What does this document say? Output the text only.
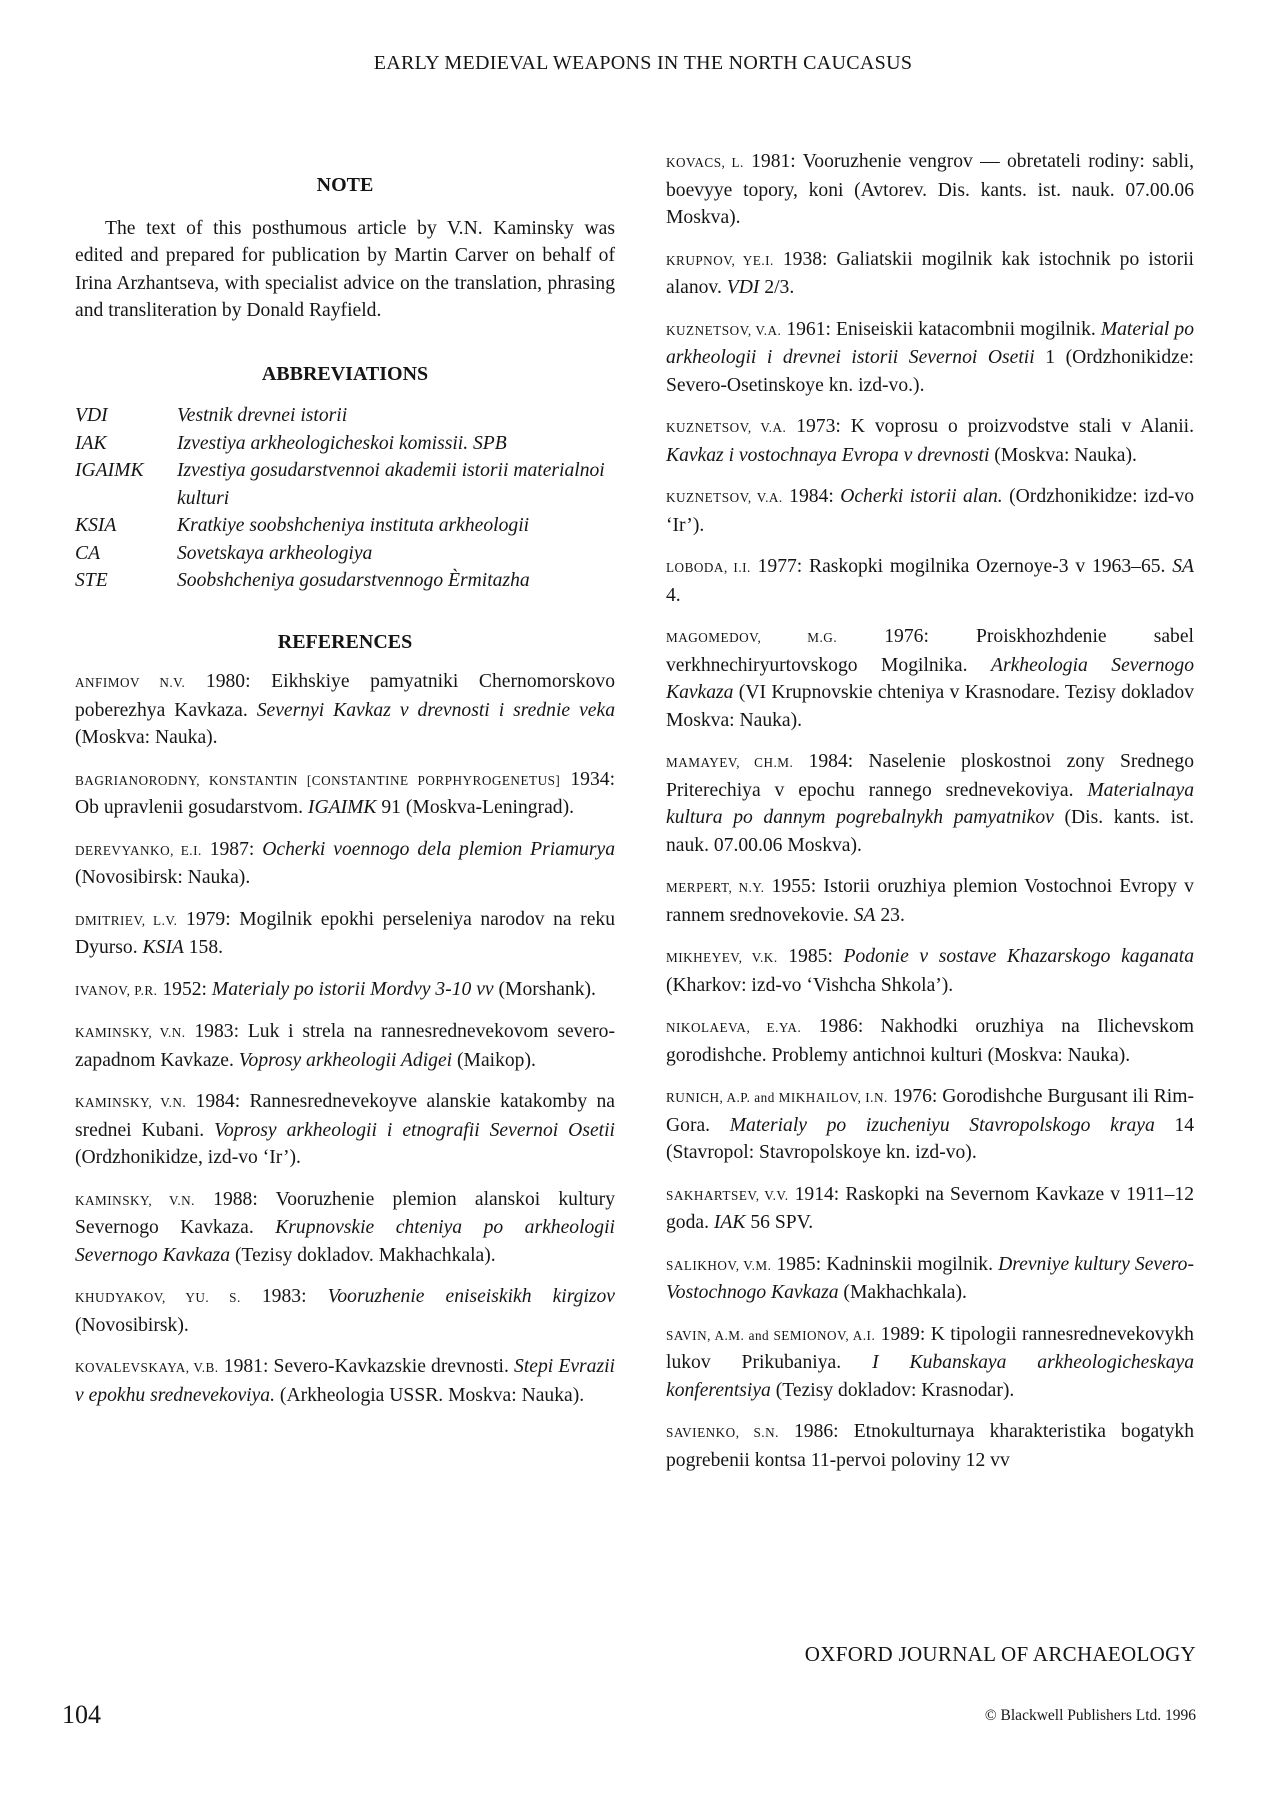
EARLY MEDIEVAL WEAPONS IN THE NORTH CAUCASUS
NOTE

The text of this posthumous article by V.N. Kaminsky was edited and prepared for publication by Martin Carver on behalf of Irina Arzhantseva, with specialist advice on the translation, phrasing and transliteration by Donald Rayfield.

ABBREVIATIONS
VDI	Vestnik drevnei istorii
IAK	Izvestiya arkheologicheskoi komissii. SPB
IGAIMK	Izvestiya gosudarstvennoi akademii istorii materialnoi kulturi
KSIA	Kratkiye soobshcheniya instituta arkheologii
CA	Sovetskaya arkheologiya
STE	Soobshcheniya gosudarstvennogo Èrmitazha
REFERENCES

ANFIMOV N.V. 1980: Eikhskiye pamyatniki Chernomorskovo poberezhya Kavkaza. Severnyi Kavkaz v drevnosti i srednie veka (Moskva: Nauka).

BAGRIANORODNY, KONSTANTIN [CONSTANTINE PORPHYROGENETUS] 1934: Ob upravlenii gosudarstvom. IGAIMK 91 (Moskva-Leningrad).

DEREVYANKO, E.I. 1987: Ocherki voennogo dela plemion Priamurya (Novosibirsk: Nauka).

DMITRIEV, L.V. 1979: Mogilnik epokhi perseleniya narodov na reku Dyurso. KSIA 158.

IVANOV, P.R. 1952: Materialy po istorii Mordvy 3-10 vv (Morshank).

KAMINSKY, V.N. 1983: Luk i strela na rannesrednevekovom severo-zapadnom Kavkaze. Voprosy arkheologii Adigei (Maikop).

KAMINSKY, V.N. 1984: Rannesrednevekoyve alanskie katakomby na srednei Kubani. Voprosy arkheologii i etnografii Severnoi Osetii (Ordzhonikidze, izd-vo ‘Ir’).

KAMINSKY, V.N. 1988: Vooruzhenie plemion alanskoi kultury Severnogo Kavkaza. Krupnovskie chteniya po arkheologii Severnogo Kavkaza (Tezisy dokladov. Makhachkala).

KHUDYAKOV, YU. S. 1983: Vooruzhenie eniseiskikh kirgizov (Novosibirsk).

KOVALEVSKAYA, V.B. 1981: Severo-Kavkazskie drevnosti. Stepi Evrazii v epokhu srednevekoviya. (Arkheologia USSR. Moskva: Nauka).

KOVACS, L. 1981: Vooruzhenie vengrov — obretateli rodiny: sabli, boevyye topory, koni (Avtorev. Dis. kants. ist. nauk. 07.00.06 Moskva).

KRUPNOV, YE.I. 1938: Galiatskii mogilnik kak istochnik po istorii alanov. VDI 2/3.

KUZNETSOV, V.A. 1961: Eniseiskii katacombnii mogilnik. Material po arkheologii i drevnei istorii Severnoi Osetii 1 (Ordzhonikidze: Severo-Osetinskoye kn. izd-vo.).

KUZNETSOV, V.A. 1973: K voprosu o proizvodstve stali v Alanii. Kavkaz i vostochnaya Evropa v drevnosti (Moskva: Nauka).

KUZNETSOV, V.A. 1984: Ocherki istorii alan. (Ordzhonikidze: izd-vo ‘Ir’).

LOBODA, I.I. 1977: Raskopki mogilnika Ozernoye-3 v 1963–65. SA 4.

MAGOMEDOV, M.G. 1976: Proiskhozhdenie sabel verkhnechiryurtovskogo Mogilnika. Arkheologia Severnogo Kavkaza (VI Krupnovskie chteniya v Krasnodare. Tezisy dokladov Moskva: Nauka).

MAMAYEV, CH.M. 1984: Naselenie ploskostnoi zony Srednego Priterechiya v epochu rannego srednevekoviya. Materialnaya kultura po dannym pogrebalnykh pamyatnikov (Dis. kants. ist. nauk. 07.00.06 Moskva).

MERPERT, N.Y. 1955: Istorii oruzhiya plemion Vostochnoi Evropy v rannem srednovekovie. SA 23.

MIKHEYEV, V.K. 1985: Podonie v sostave Khazarskogo kaganata (Kharkov: izd-vo ‘Vishcha Shkola’).

NIKOLAEVA, E.YA. 1986: Nakhodki oruzhiya na Ilichevskom gorodishche. Problemy antichnoi kulturi (Moskva: Nauka).

RUNICH, A.P. and MIKHAILOV, I.N. 1976: Gorodishche Burgusant ili Rim-Gora. Materialy po izucheniyu Stavropolskogo kraya 14 (Stavropol: Stavropolskoye kn. izd-vo).

SAKHARTSEV, V.V. 1914: Raskopki na Severnom Kavkaze v 1911–12 goda. IAK 56 SPV.

SALIKHOV, V.M. 1985: Kadninskii mogilnik. Drevniye kultury Severo-Vostochnogo Kavkaza (Makhachkala).

SAVIN, A.M. and SEMIONOV, A.I. 1989: K tipologii rannesrednevekovykh lukov Prikubaniya. I Kubanskaya arkheologicheskaya konferentsiya (Tezisy dokladov: Krasnodar).

SAVIENKO, S.N. 1986: Etnokulturnaya kharakteristika bogatykh pogrebenii kontsa 11-pervoi poloviny 12 vv

OXFORD JOURNAL OF ARCHAEOLOGY
104	© Blackwell Publishers Ltd. 1996
